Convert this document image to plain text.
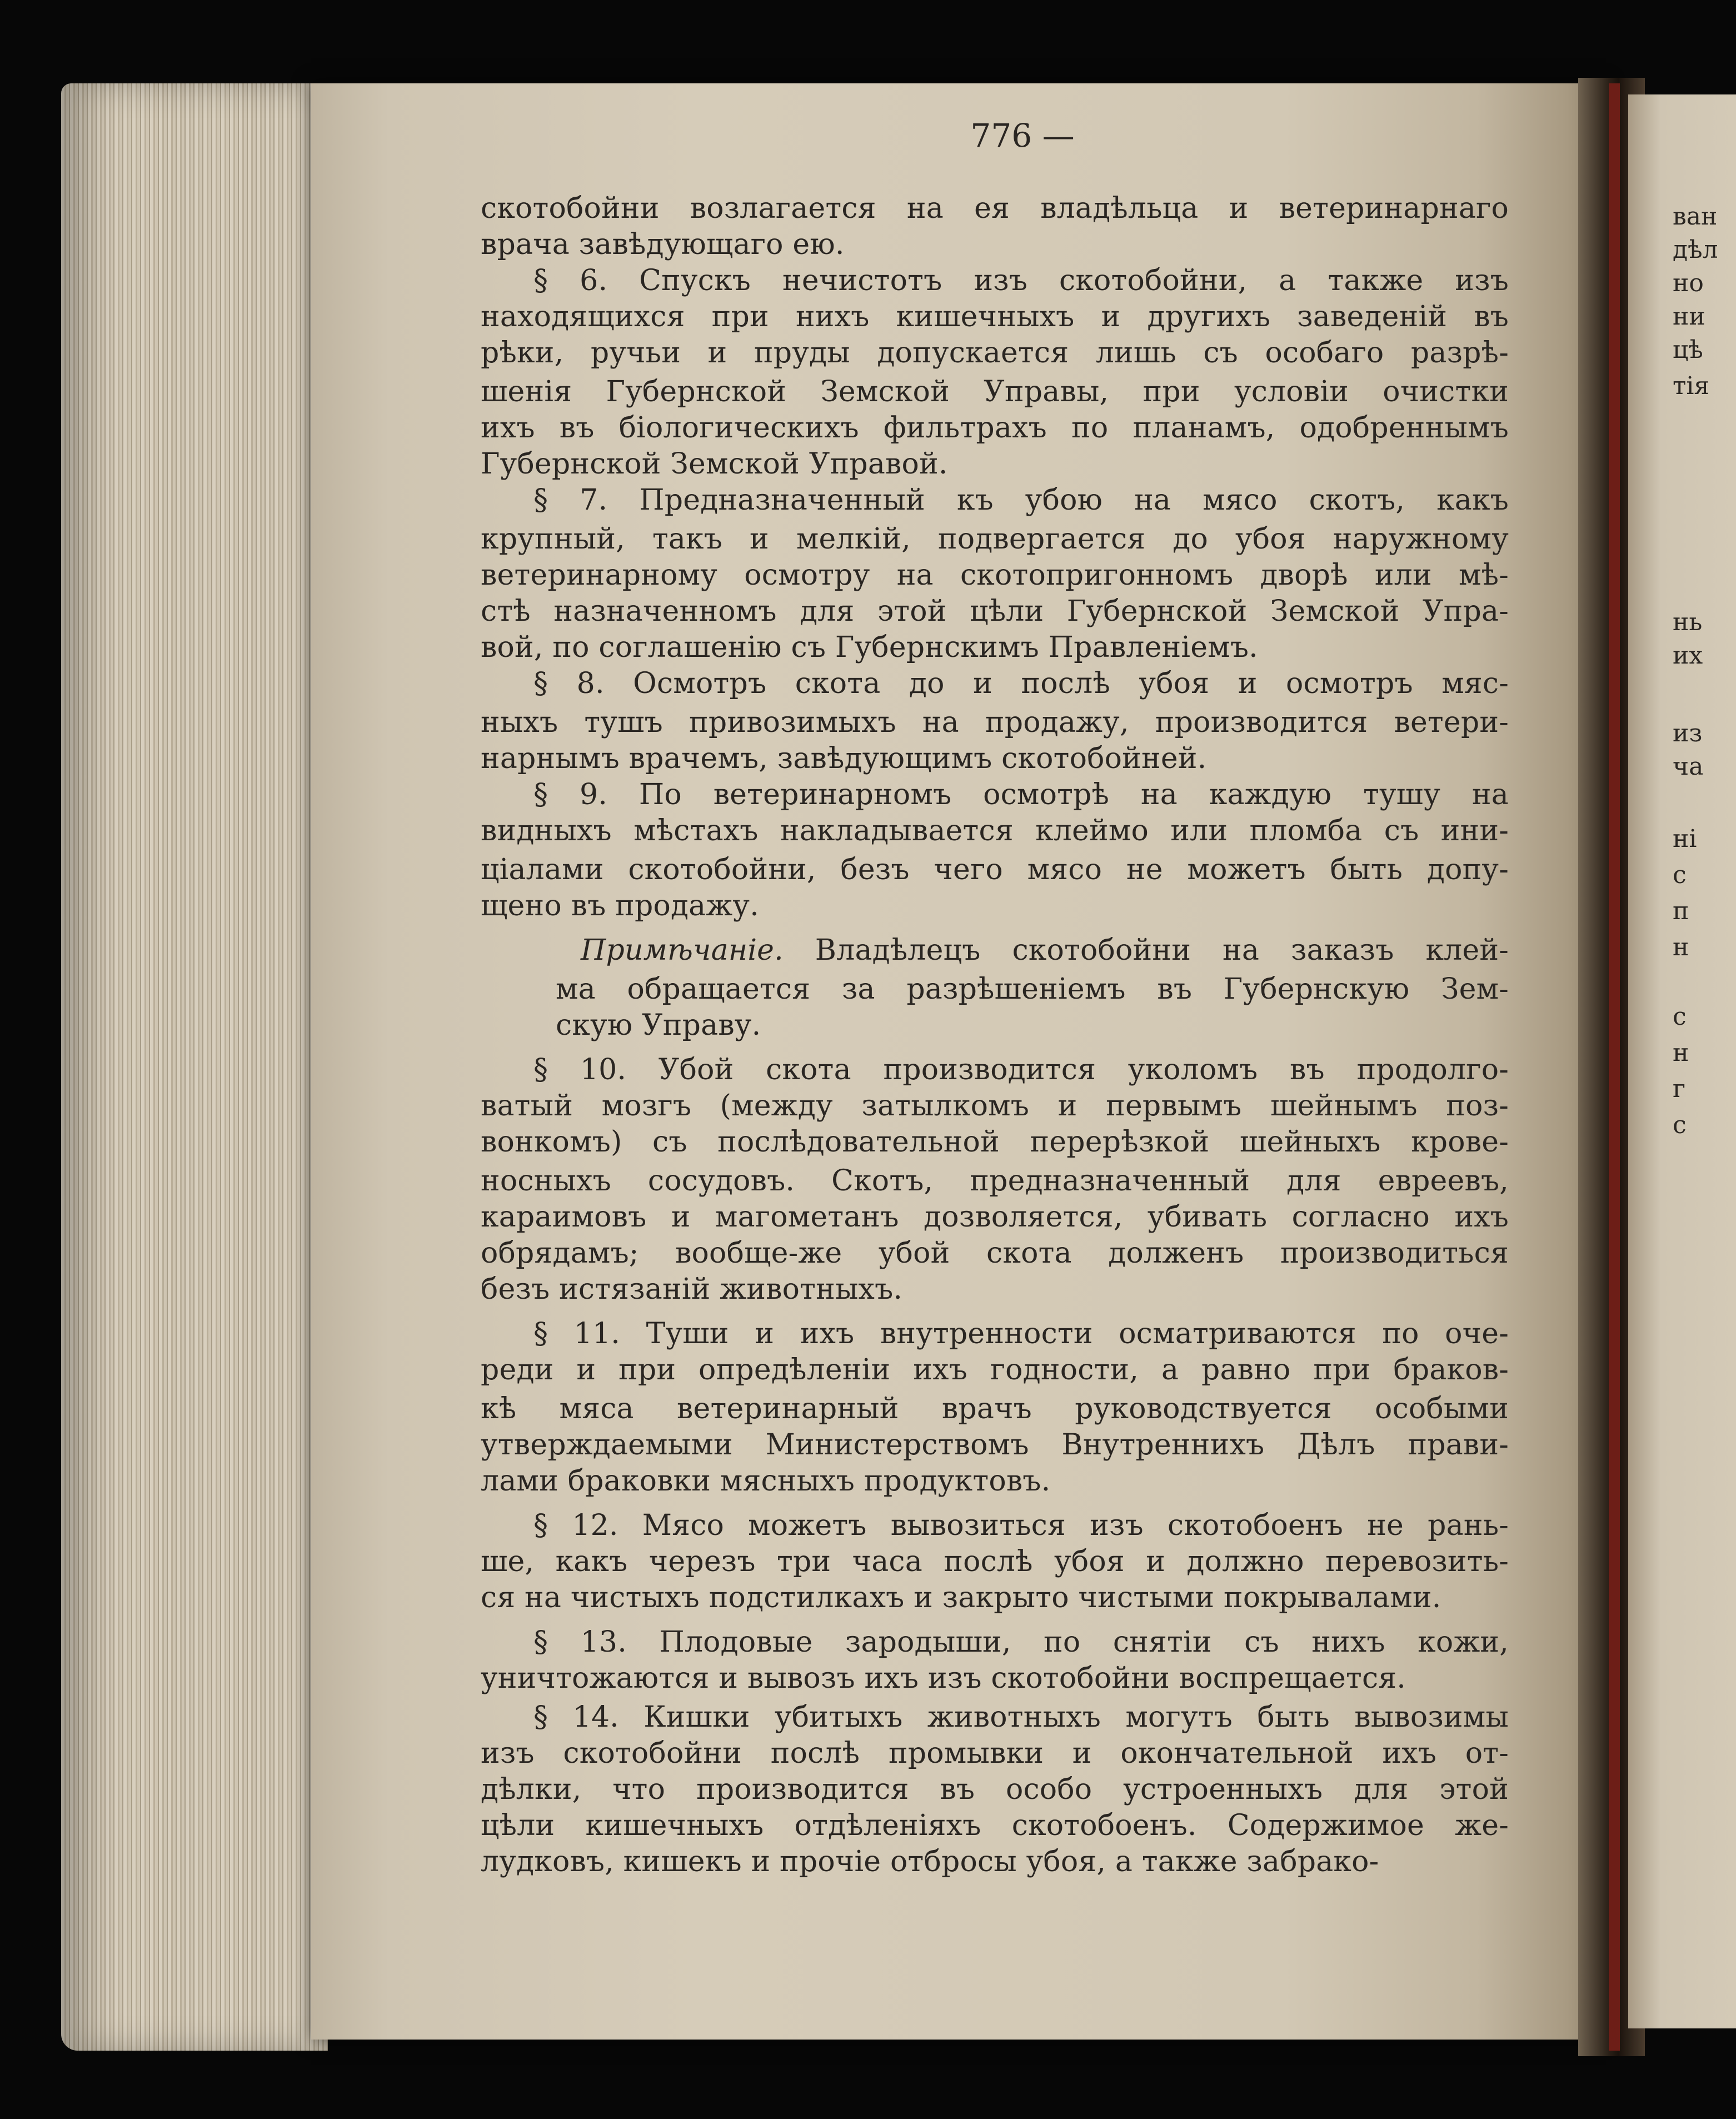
776 —
скотобойни возлагается на ея владѣльца и ветеринарнаго
врача завѣдующаго ею.
§ 6. Спускъ нечистотъ изъ скотобойни, а также изъ
находящихся при нихъ кишечныхъ и другихъ заведенiй въ
рѣки, ручьи и пруды допускается лишь съ особаго разрѣ-
шенiя Губернской Земской Управы, при условiи очистки
ихъ въ бiологическихъ фильтрахъ по планамъ, одобреннымъ
Губернской Земской Управой.
§ 7. Предназначенный къ убою на мясо скотъ, какъ
крупный, такъ и мелкiй, подвергается до убоя наружному
ветеринарному осмотру на скотопригонномъ дворѣ или мѣ-
стѣ назначенномъ для этой цѣли Губернской Земской Упра-
вой, по соглашенiю съ Губернскимъ Правленiемъ.
§ 8. Осмотръ скота до и послѣ убоя и осмотръ мяс-
ныхъ тушъ привозимыхъ на продажу, производится ветери-
нарнымъ врачемъ, завѣдующимъ скотобойней.
§ 9. По ветеринарномъ осмотрѣ на каждую тушу на
видныхъ мѣстахъ накладывается клеймо или пломба съ ини-
цiалами скотобойни, безъ чего мясо не можетъ быть допу-
щено въ продажу.
Примѣчанiе. Владѣлецъ скотобойни на заказъ клей-
ма обращается за разрѣшенiемъ въ Губернскую Зем-
скую Управу.
§ 10. Убой скота производится уколомъ въ продолго-
ватый мозгъ (между затылкомъ и первымъ шейнымъ поз-
вонкомъ) съ послѣдовательной перерѣзкой шейныхъ крове-
носныхъ сосудовъ. Скотъ, предназначенный для евреевъ,
караимовъ и магометанъ дозволяется, убивать согласно ихъ
обрядамъ; вообще-же убой скота долженъ производиться
безъ истязанiй животныхъ.
§ 11. Туши и ихъ внутренности осматриваются по оче-
реди и при опредѣленiи ихъ годности, а равно при браков-
кѣ мяса ветеринарный врачъ руководствуется особыми
утверждаемыми Министерствомъ Внутреннихъ Дѣлъ прави-
лами браковки мясныхъ продуктовъ.
§ 12. Мясо можетъ вывозиться изъ скотобоенъ не рань-
ше, какъ черезъ три часа послѣ убоя и должно перевозить-
ся на чистыхъ подстилкахъ и закрыто чистыми покрывалами.
§ 13. Плодовые зародыши, по снятiи съ нихъ кожи,
уничтожаются и вывозъ ихъ изъ скотобойни воспрещается.
§ 14. Кишки убитыхъ животныхъ могутъ быть вывозимы
изъ скотобойни послѣ промывки и окончательной ихъ от-
дѣлки, что производится въ особо устроенныхъ для этой
цѣли кишечныхъ отдѣленiяхъ скотобоенъ. Содержимое же-
лудковъ, кишекъ и прочiе отбросы убоя, а также забрако-
ван
дѣл
но
ни
цѣ
тія
нь
их
из
ча
ні
с
п
н
с
н
г
с
